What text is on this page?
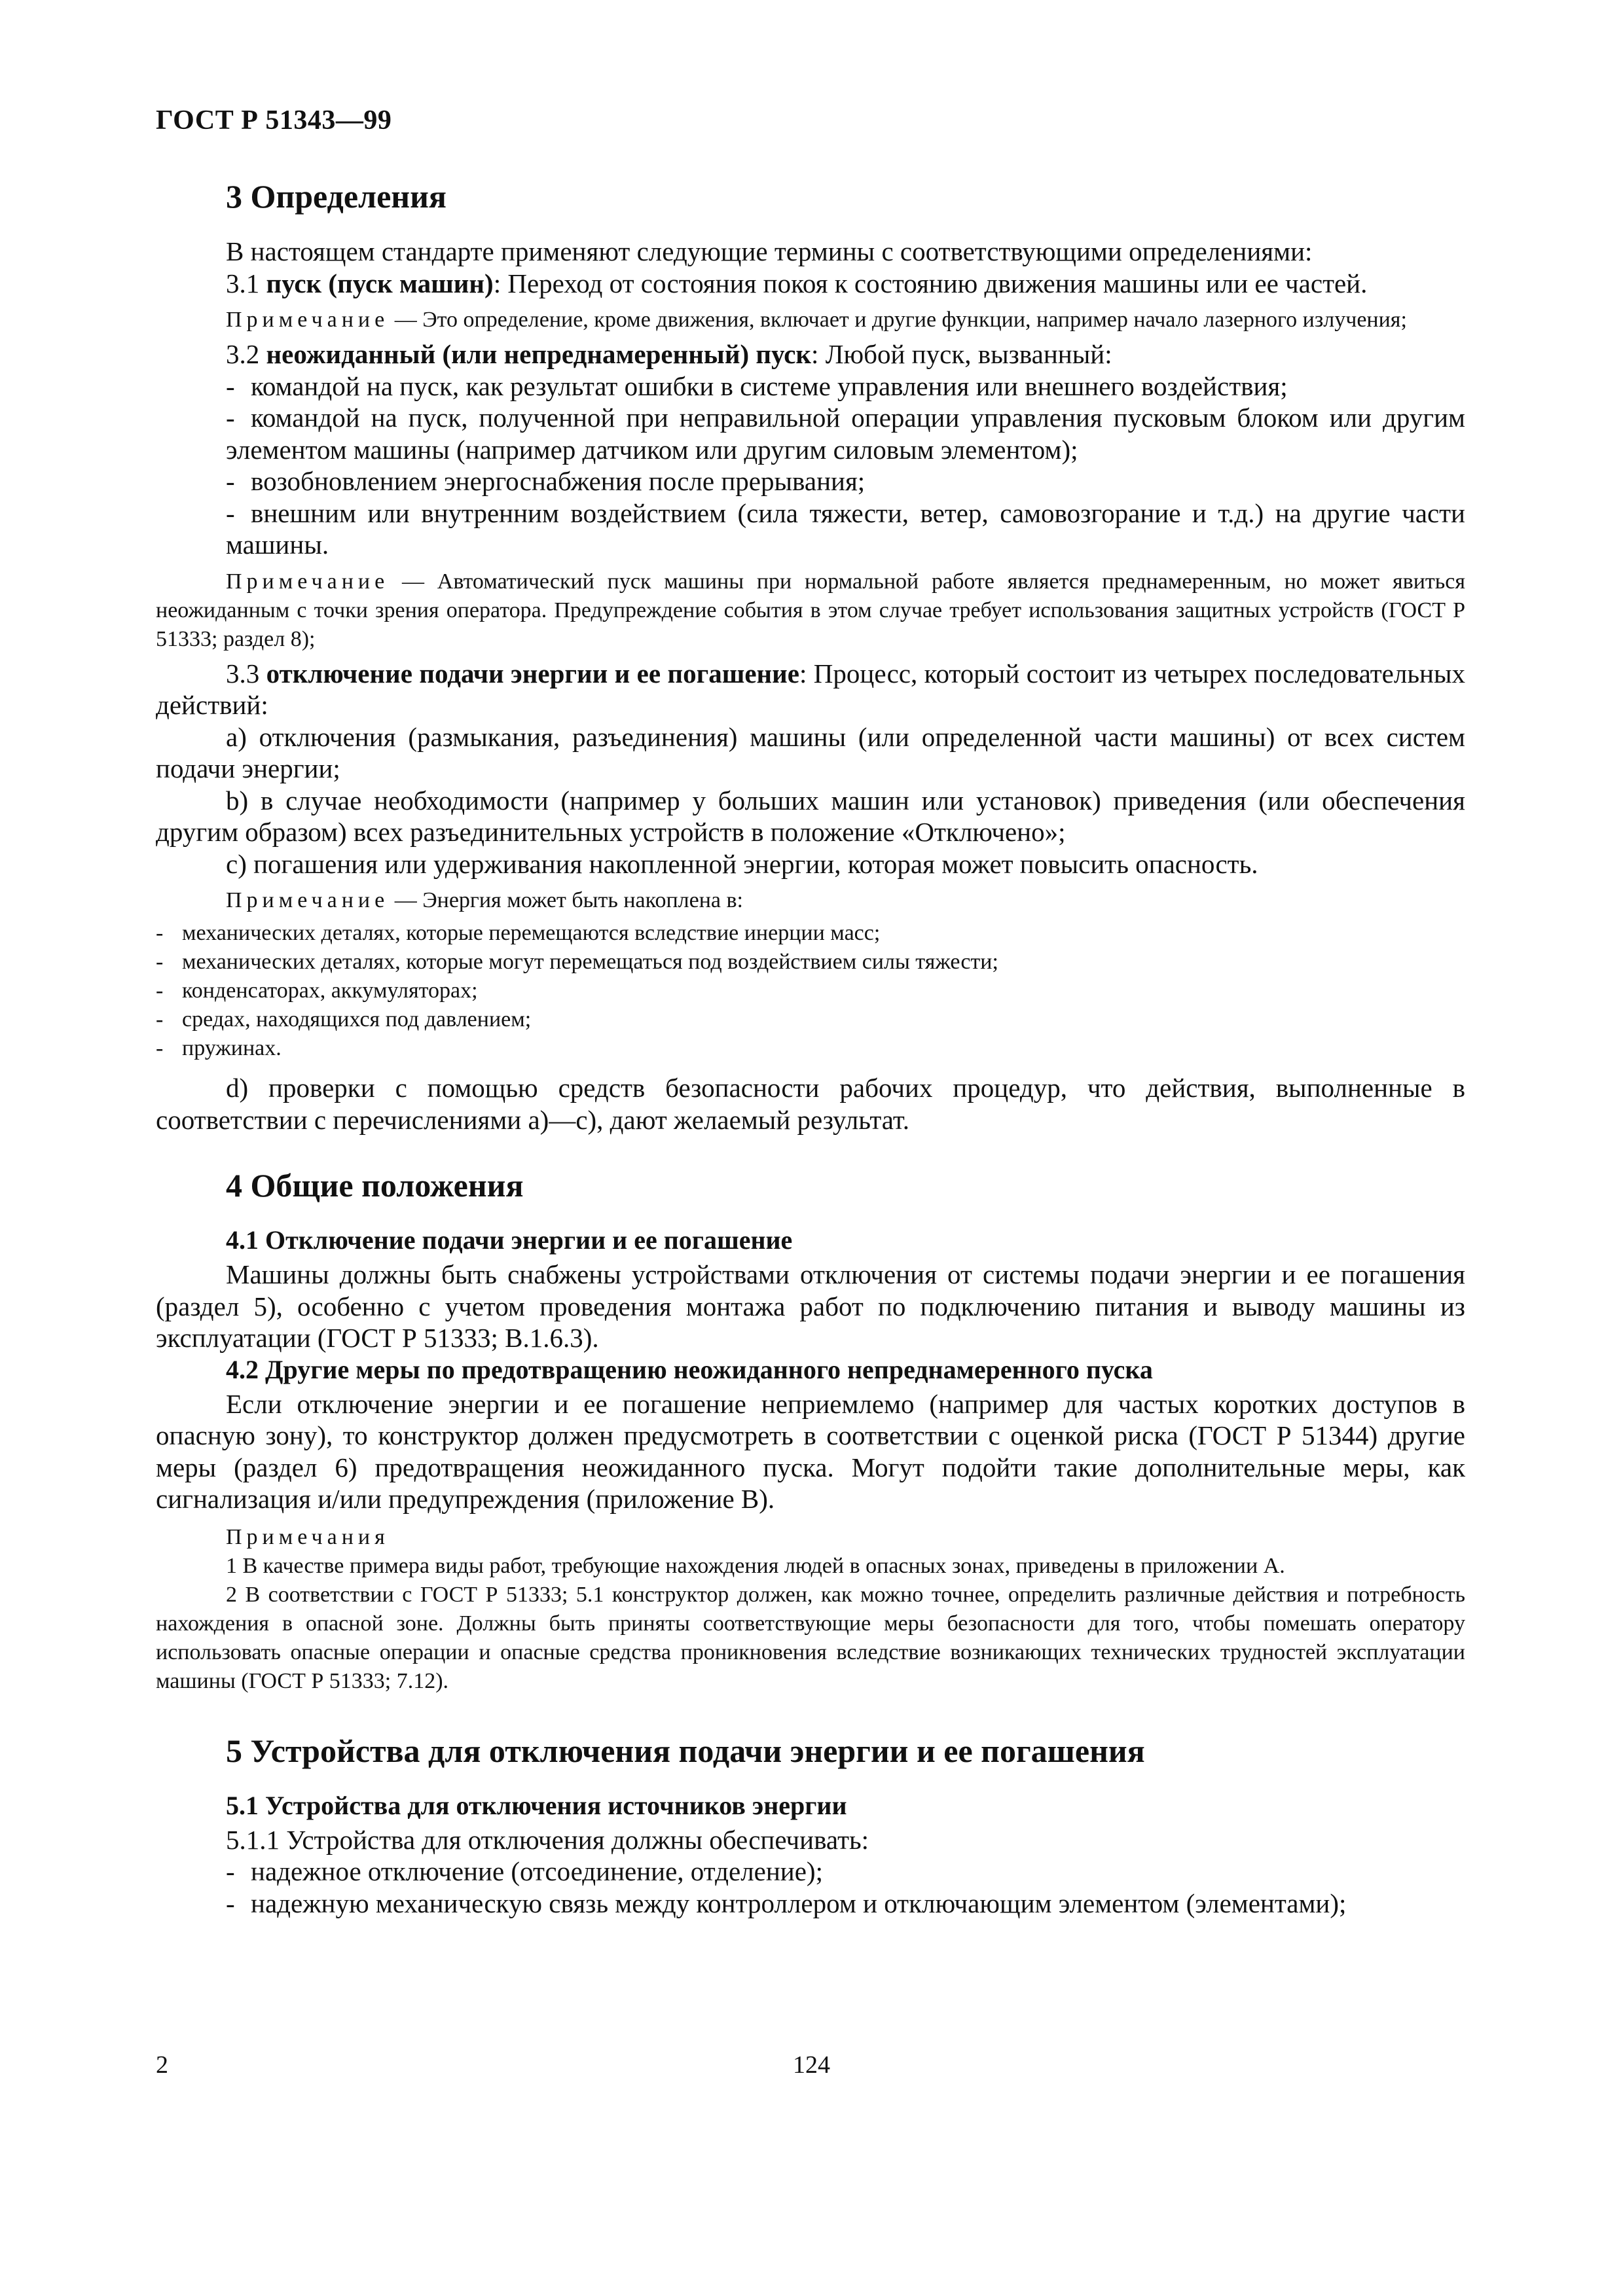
ГОСТ Р 51343—99
3 Определения

В настоящем стандарте применяют следующие термины с соответствующими определениями:

3.1 пуск (пуск машин): Переход от состояния покоя к состоянию движения машины или ее частей.

Примечание — Это определение, кроме движения, включает и другие функции, например начало лазерного излучения;

3.2 неожиданный (или непреднамеренный) пуск: Любой пуск, вызванный:

- командой на пуск, как результат ошибки в системе управления или внешнего воздействия;

- командой на пуск, полученной при неправильной операции управления пусковым блоком или другим элементом машины (например датчиком или другим силовым элементом);

- возобновлением энергоснабжения после прерывания;

- внешним или внутренним воздействием (сила тяжести, ветер, самовозгорание и т.д.) на другие части машины.

Примечание — Автоматический пуск машины при нормальной работе является преднамеренным, но может явиться неожиданным с точки зрения оператора. Предупреждение события в этом случае требует использования защитных устройств (ГОСТ Р 51333; раздел 8);

3.3 отключение подачи энергии и ее погашение: Процесс, который состоит из четырех последовательных действий:

а) отключения (размыкания, разъединения) машины (или определенной части машины) от всех систем подачи энергии;

b) в случае необходимости (например у больших машин или установок) приведения (или обеспечения другим образом) всех разъединительных устройств в положение «Отключено»;

с) погашения или удерживания накопленной энергии, которая может повысить опасность.

Примечание — Энергия может быть накоплена в:

- механических деталях, которые перемещаются вследствие инерции масс;

- механических деталях, которые могут перемещаться под воздействием силы тяжести;

- конденсаторах, аккумуляторах;

- средах, находящихся под давлением;

- пружинах.

d) проверки с помощью средств безопасности рабочих процедур, что действия, выполненные в соответствии с перечислениями а)—с), дают желаемый результат.

4 Общие положения
4.1 Отключение подачи энергии и ее погашение

Машины должны быть снабжены устройствами отключения от системы подачи энергии и ее погашения (раздел 5), особенно с учетом проведения монтажа работ по подключению питания и выводу машины из эксплуатации (ГОСТ Р 51333; В.1.6.3).

4.2 Другие меры по предотвращению неожиданного непреднамеренного пуска

Если отключение энергии и ее погашение неприемлемо (например для частых коротких доступов в опасную зону), то конструктор должен предусмотреть в соответствии с оценкой риска (ГОСТ Р 51344) другие меры (раздел 6) предотвращения неожиданного пуска. Могут подойти такие дополнительные меры, как сигнализация и/или предупреждения (приложение В).

Примечания

1 В качестве примера виды работ, требующие нахождения людей в опасных зонах, приведены в приложении А.

2 В соответствии с ГОСТ Р 51333; 5.1 конструктор должен, как можно точнее, определить различные действия и потребность нахождения в опасной зоне. Должны быть приняты соответствующие меры безопасности для того, чтобы помешать оператору использовать опасные операции и опасные средства проникновения вследствие возникающих технических трудностей эксплуатации машины (ГОСТ Р 51333; 7.12).

5 Устройства для отключения подачи энергии и ее погашения
5.1 Устройства для отключения источников энергии

5.1.1 Устройства для отключения должны обеспечивать:

- надежное отключение (отсоединение, отделение);

- надежную механическую связь между контроллером и отключающим элементом (элементами);

2	124
